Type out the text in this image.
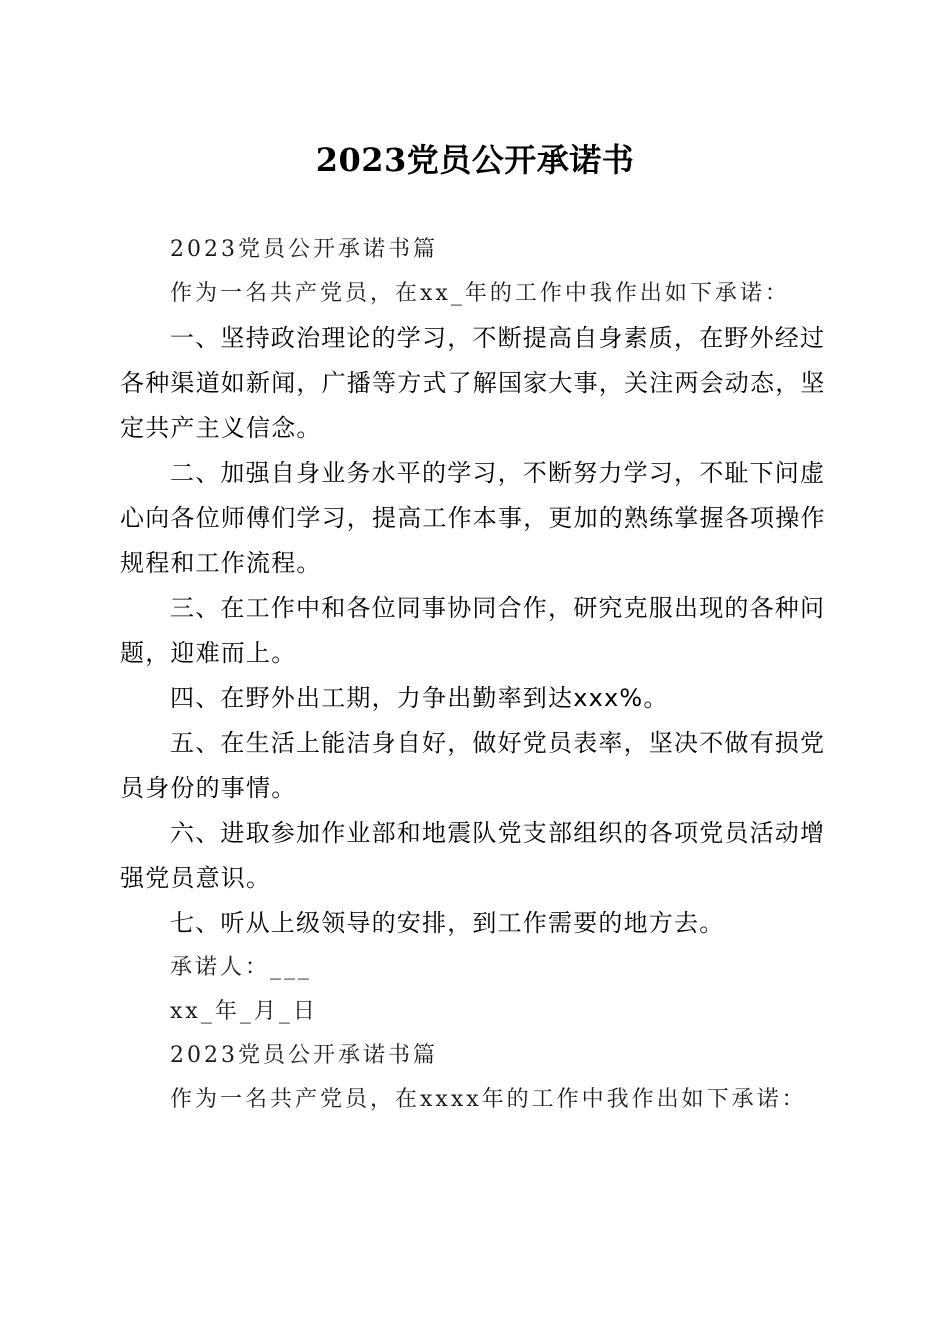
2023党员公开承诺书

2023党员公开承诺书篇

作为一名共产党员，在xx_年的工作中我作出如下承诺：

一、坚持政治理论的学习，不断提高自身素质，在野外经过各种渠道如新闻，广播等方式了解国家大事，关注两会动态，坚定共产主义信念。

二、加强自身业务水平的学习，不断努力学习，不耻下问虚心向各位师傅们学习，提高工作本事，更加的熟练掌握各项操作规程和工作流程。

三、在工作中和各位同事协同合作，研究克服出现的各种问题，迎难而上。

四、在野外出工期，力争出勤率到达xxx%。

五、在生活上能洁身自好，做好党员表率，坚决不做有损党员身份的事情。

六、进取参加作业部和地震队党支部组织的各项党员活动增强党员意识。

七、听从上级领导的安排，到工作需要的地方去。

承诺人：___

xx_年_月_日

2023党员公开承诺书篇

作为一名共产党员，在xxxx年的工作中我作出如下承诺：
